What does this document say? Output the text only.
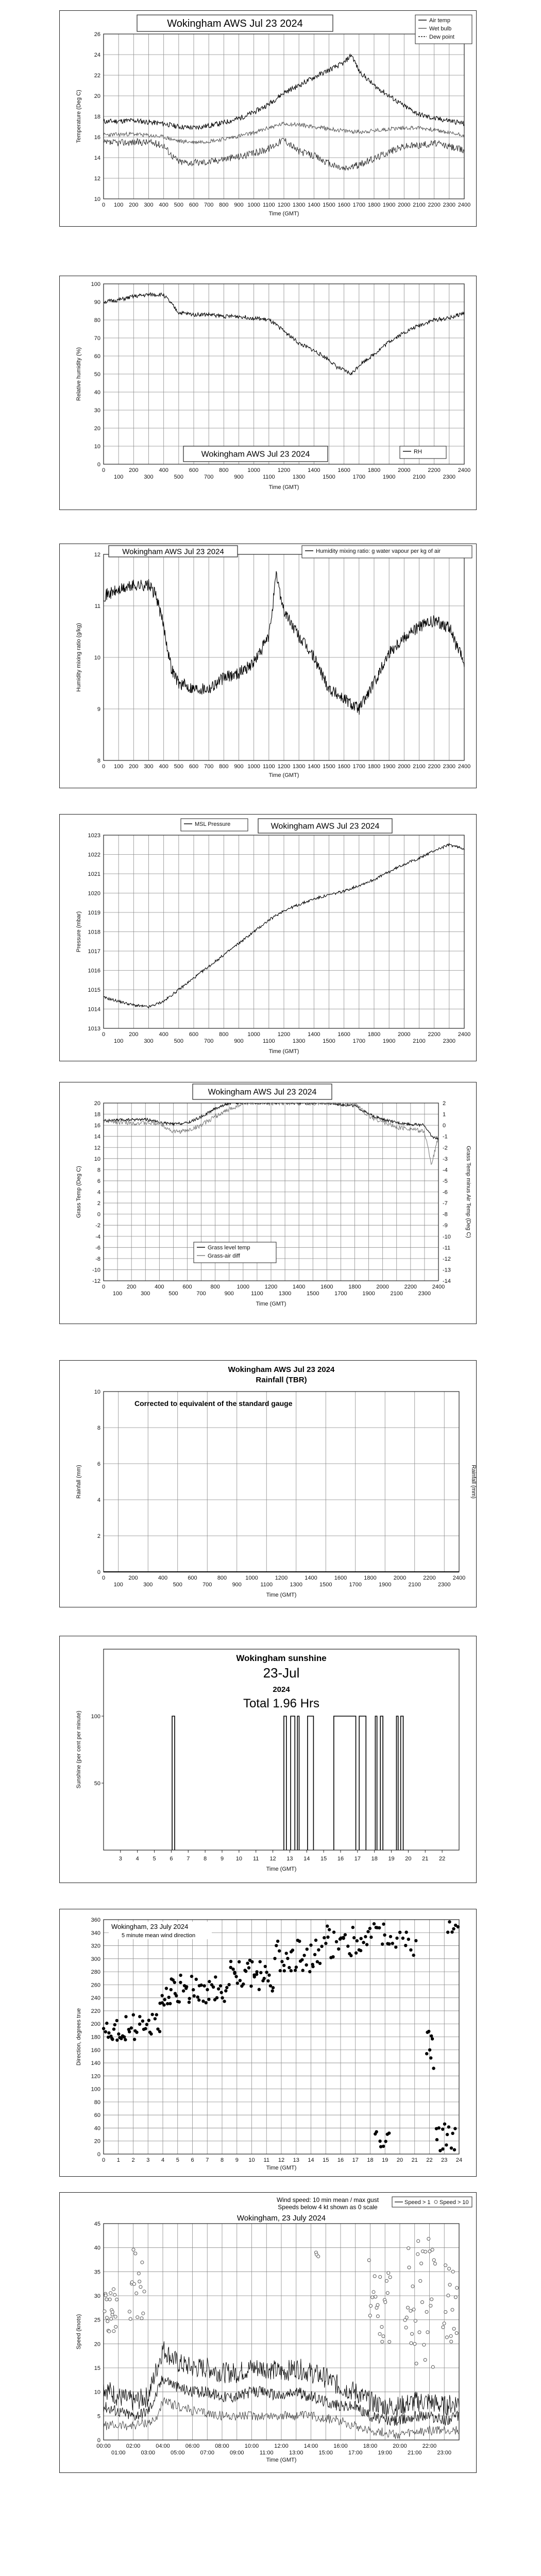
10
12
14
16
18
20
22
24
26
0 100 200 300 400 500 600 700 800 900 1000 1100 1200 1300 1400 1500 1600 1700 1800 1900 2000 2100 2200 2300 2400
Time (GMT)
Temperature (Deg C)
Wokingham AWS Jul 23 2024	Air temp
Wet bulb
Dew point
0
10
20
30
40
50
60
70
80
90
100
0	200	400	600	800	1000	1200	1400	1600	1800	2000	2200	2400
100	300	500	700	900	1100	1300	1500	1700	1900	2100	2300
Time (GMT)
Relative humidity (%)
Wokingham AWS Jul 23 2024	RH
8
9
10
11
12
0 100 200 300 400 500 600 700 800 900 1000 1100 1200 1300 1400 1500 1600 1700 1800 1900 2000 2100 2200 2300 2400
Time (GMT)
Humidity mixing ratio (g/kg)
Wokingham AWS Jul 23 2024	Humidity mixing ratio: g water vapour per kg of air
1013
1014
1015
1016
1017
1018
1019
1020
1021
1022
1023
0	200	400	600	800	1000	1200	1400	1600	1800	2000	2200	2400
100	300	500	700	900	1100	1300	1500	1700	1900	2100	2300
Time (GMT)
Pressure (mbar)
MSL Pressure	Wokingham AWS Jul 23 2024
-12
-10
-8
-6
-4
-2
0
2
4
6
8
10
12
14
16
18
20
0	200	400	600	800	1000	1200	1400	1600	1800	2000	2200	2400
100	300	500	700	900	1100	1300	1500	1700	1900	2100	2300
Time (GMT)
Grass Temp (Deg C)
-14
-13
-12
-11
-10
-9
-8
-7
-6
-5
-4
-3
-2
-1
0
1
2
Grass Temp minus Air Temp (Deg C)
Wokingham AWS Jul 23 2024
Grass level temp
Grass-air diff
0
2
4
6
8
10
0	200	400	600	800	1000	1200	1400	1600	1800	2000	2200	2400
100	300	500	700	900	1100	1300	1500	1700	1900	2100	2300
Time (GMT)
Rainfall (mm)	Rainfall (mm)
Wokingham AWS Jul 23 2024
Rainfall (TBR)
Corrected to equivalent of the standard gauge
50
100
3 4 5 6 7 8 9 10 11 12 13 14 15 16 17 18 19 20 21 22
Time (GMT)
Sunshine (per cent per minute)
Wokingham sunshine
23-Jul
2024
Total 1.96 Hrs
0
20
40
60
80
100
120
140
160
180
200
220
240
260
280
300
320
340
360
0 1 2 3 4 5 6 7 8 9 10 11 12 13 14 15 16 17 18 19 20 21 22 23 24
Time (GMT)
Direction, degrees true
Wokingham, 23 July 2024
5 minute mean wind direction
0
5
10
15
20
25
30
35
40
45
00:00	02:00	04:00	06:00	08:00	10:00	12:00	14:00	16:00	18:00	20:00	22:00
01:00	03:00	05:00	07:00	09:00	11:00	13:00	15:00	17:00	19:00	21:00	23:00
Time (GMT)
Speed (knots)
Wind speed: 10 min mean / max gust
Speeds below 4 kt shown as 0 scale
Wokingham, 23 July 2024
Speed > 1 Speed > 10
